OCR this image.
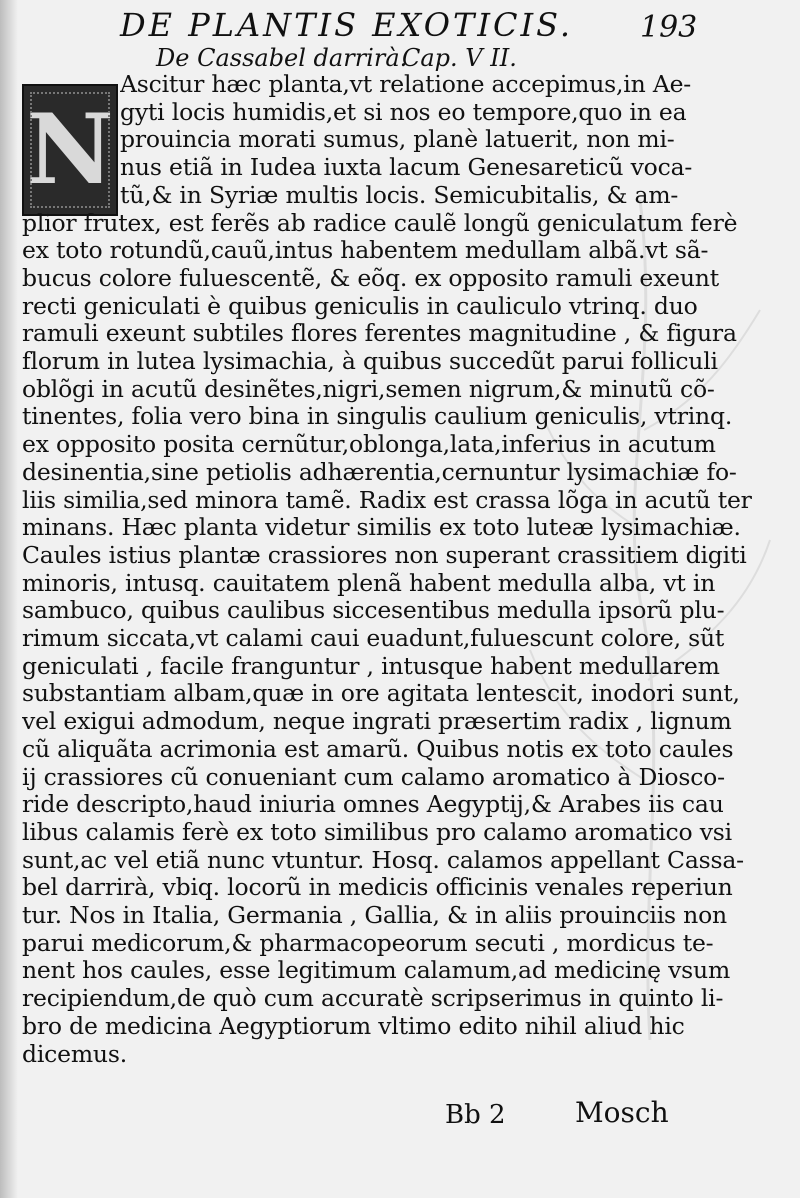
DE PLANTIS EXOTICIS.	193
De Cassabel darrirà.
Cap. V II.
N
Ascitur hæc planta,vt relatione accepimus,in Ae-
gyti locis humidis,et si nos eo tempore,quo in ea
prouincia morati sumus, planè latuerit, non mi-
nus etiã in Iudea iuxta lacum Genesareticũ voca-
tũ,& in Syriæ multis locis. Semicubitalis, & am-
plior frutex, est ferẽs ab radice caulẽ longũ geniculatum ferè
ex toto rotundũ,cauũ,intus habentem medullam albã.vt sã-
bucus colore fuluescentẽ, & eõq. ex opposito ramuli exeunt
recti geniculati è quibus geniculis in cauliculo vtrinq. duo
ramuli exeunt subtiles flores ferentes magnitudine , & figura
florum in lutea lysimachia, à quibus succedũt parui folliculi
oblõgi in acutũ desinẽtes,nigri,semen nigrum,& minutũ cõ-
tinentes, folia vero bina in singulis caulium geniculis, vtrinq.
ex opposito posita cernũtur,oblonga,lata,inferius in acutum
desinentia,sine petiolis adhærentia,cernuntur lysimachiæ fo-
liis similia,sed minora tamẽ. Radix est crassa lõga in acutũ ter
minans. Hæc planta videtur similis ex toto luteæ lysimachiæ.
Caules istius plantæ crassiores non superant crassitiem digiti
minoris, intusq. cauitatem plenã habent medulla alba, vt in
sambuco, quibus caulibus siccesentibus medulla ipsorũ plu-
rimum siccata,vt calami caui euadunt,fuluescunt colore, sũt
geniculati , facile franguntur , intusque habent medullarem
substantiam albam,quæ in ore agitata lentescit, inodori sunt,
vel exigui admodum, neque ingrati præsertim radix , lignum
cũ aliquãta acrimonia est amarũ. Quibus notis ex toto caules
ij crassiores cũ conueniant cum calamo aromatico à Diosco-
ride descripto,haud iniuria omnes Aegyptij,& Arabes iis cau
libus calamis ferè ex toto similibus pro calamo aromatico vsi
sunt,ac vel etiã nunc vtuntur. Hosq. calamos appellant Cassa-
bel darrirà, vbiq. locorũ in medicis officinis venales reperiun
tur. Nos in Italia, Germania , Gallia, & in aliis prouinciis non
parui medicorum,& pharmacopeorum secuti , mordicus te-
nent hos caules, esse legitimum calamum,ad medicinę vsum
recipiendum,de quò cum accuratè scripserimus in quinto li-
bro de medicina Aegyptiorum vltimo edito nihil aliud hic
dicemus.
Bb 2 Mosch
